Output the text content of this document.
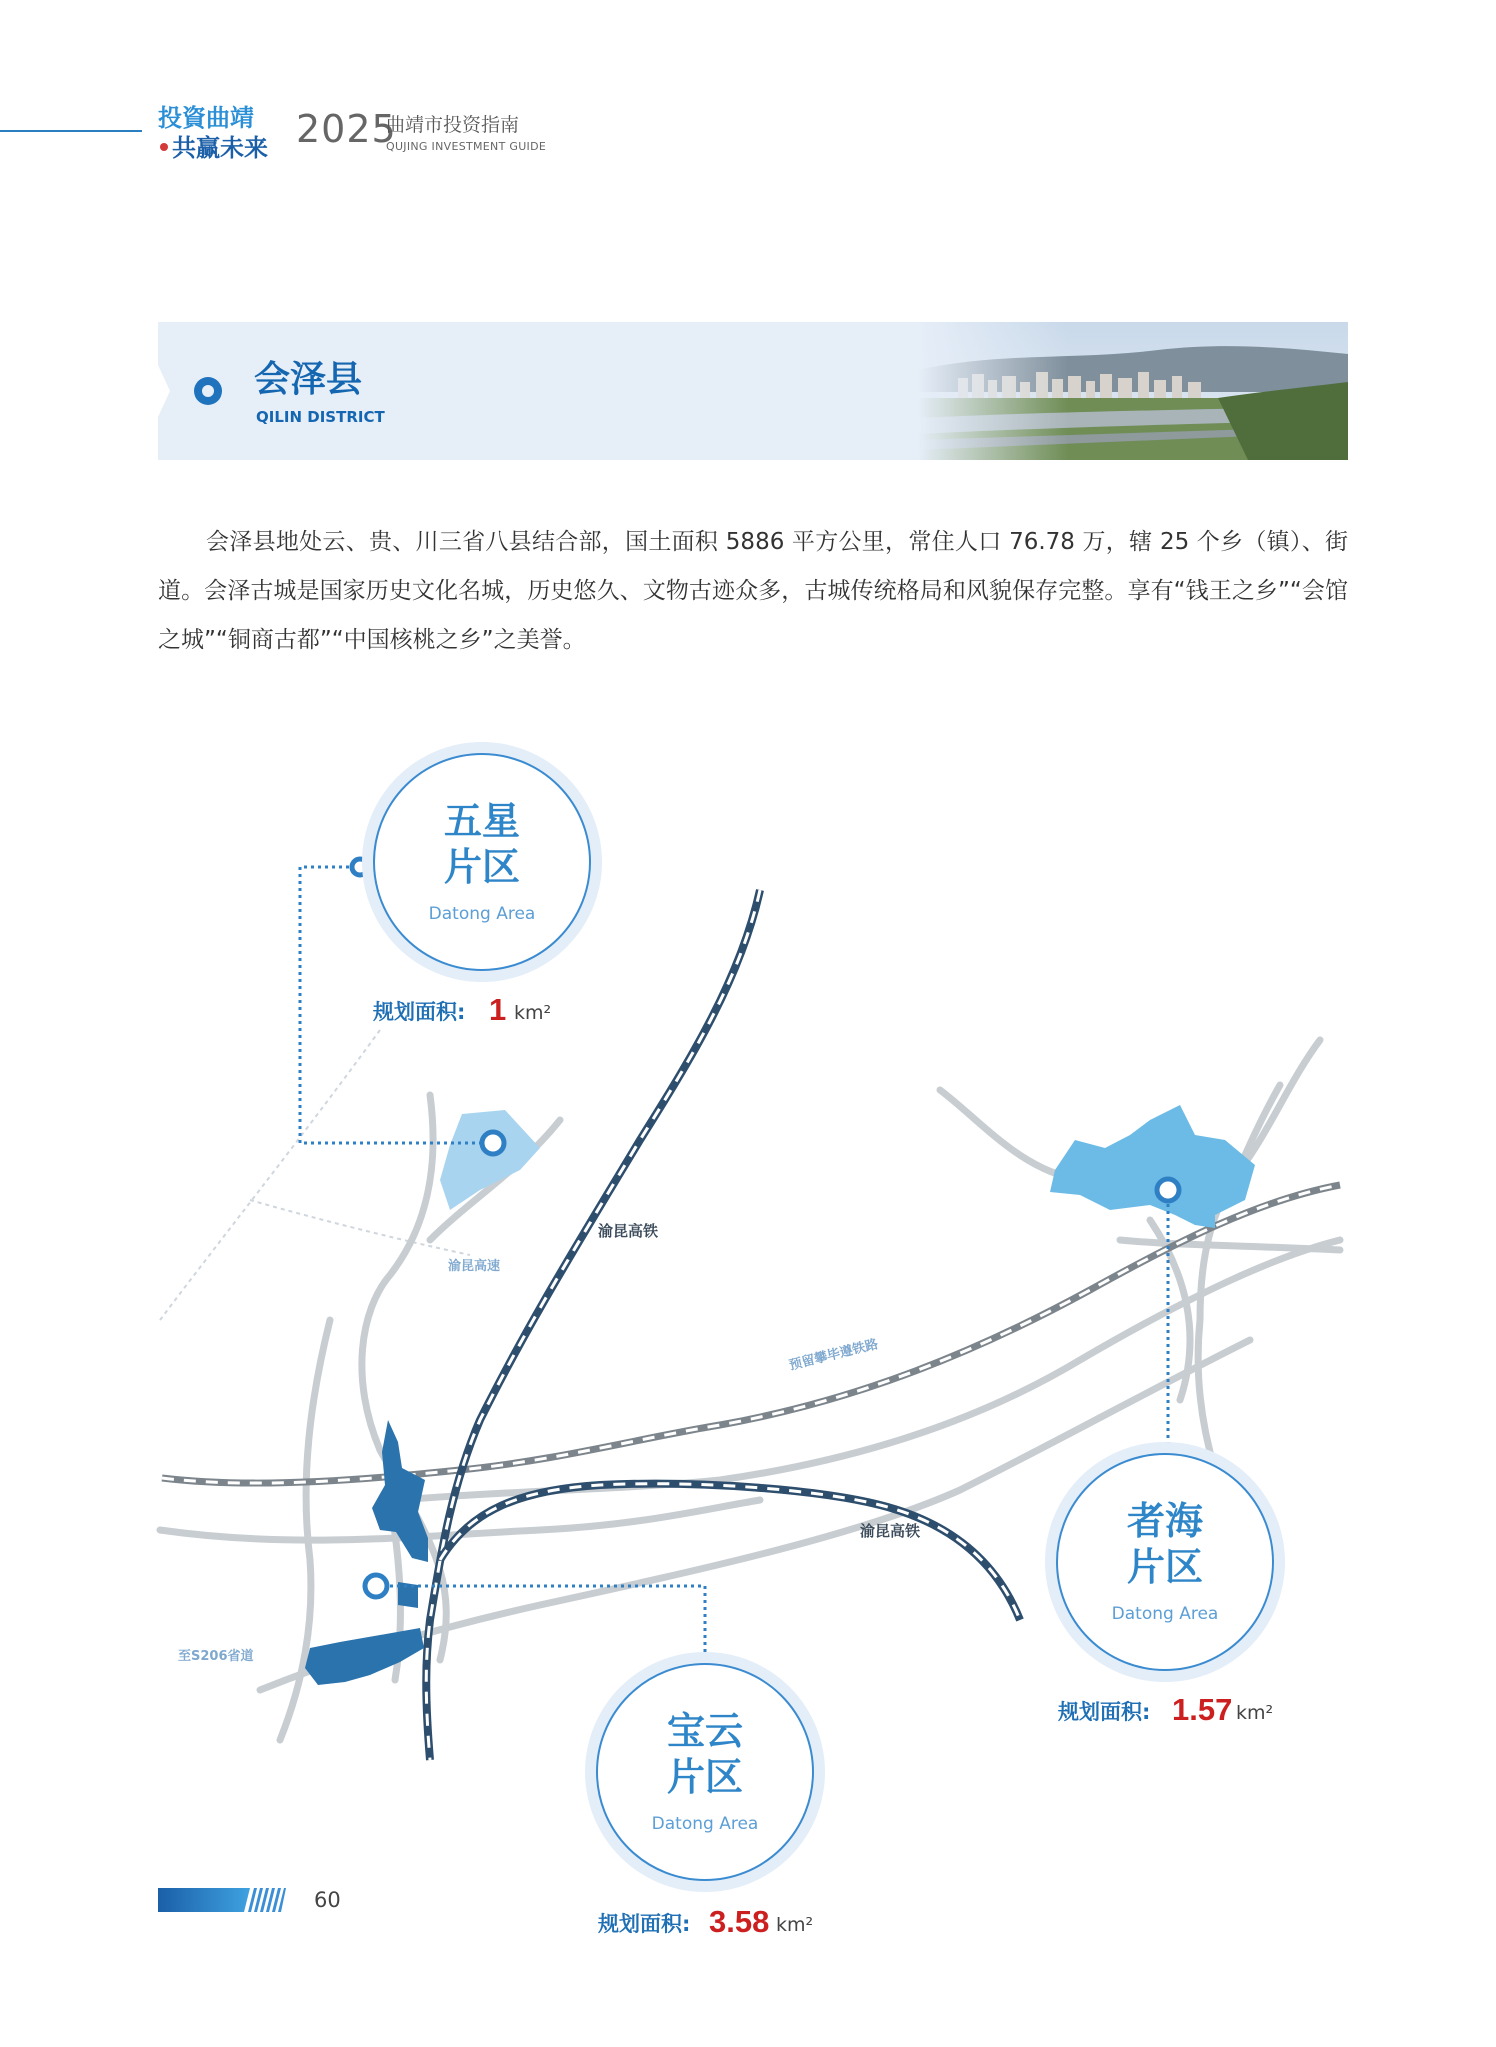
投資曲靖
共赢未来 2025
曲靖市投资指南
QUJING INVESTMENT GUIDE
会泽县
QILIN DISTRICT
会泽县地处云、贵、川三省八县结合部，国土面积 5886 平方公里，常住人口 76.78 万，辖 25 个乡（镇）、街道。会泽古城是国家历史文化名城，历史悠久、文物古迹众多，古城传统格局和风貌保存完整。享有“钱王之乡”“会馆之城”“铜商古都”“中国核桃之乡”之美誉。
渝昆高铁
渝昆高铁
渝昆高速
预留攀毕遵铁路
至S206省道
五星
片区
Datong Area
规划面积: 1 km²
者海
片区
Datong Area
规划面积: 1.57 km²
宝云
片区
Datong Area
规划面积: 3.58 km²
60
